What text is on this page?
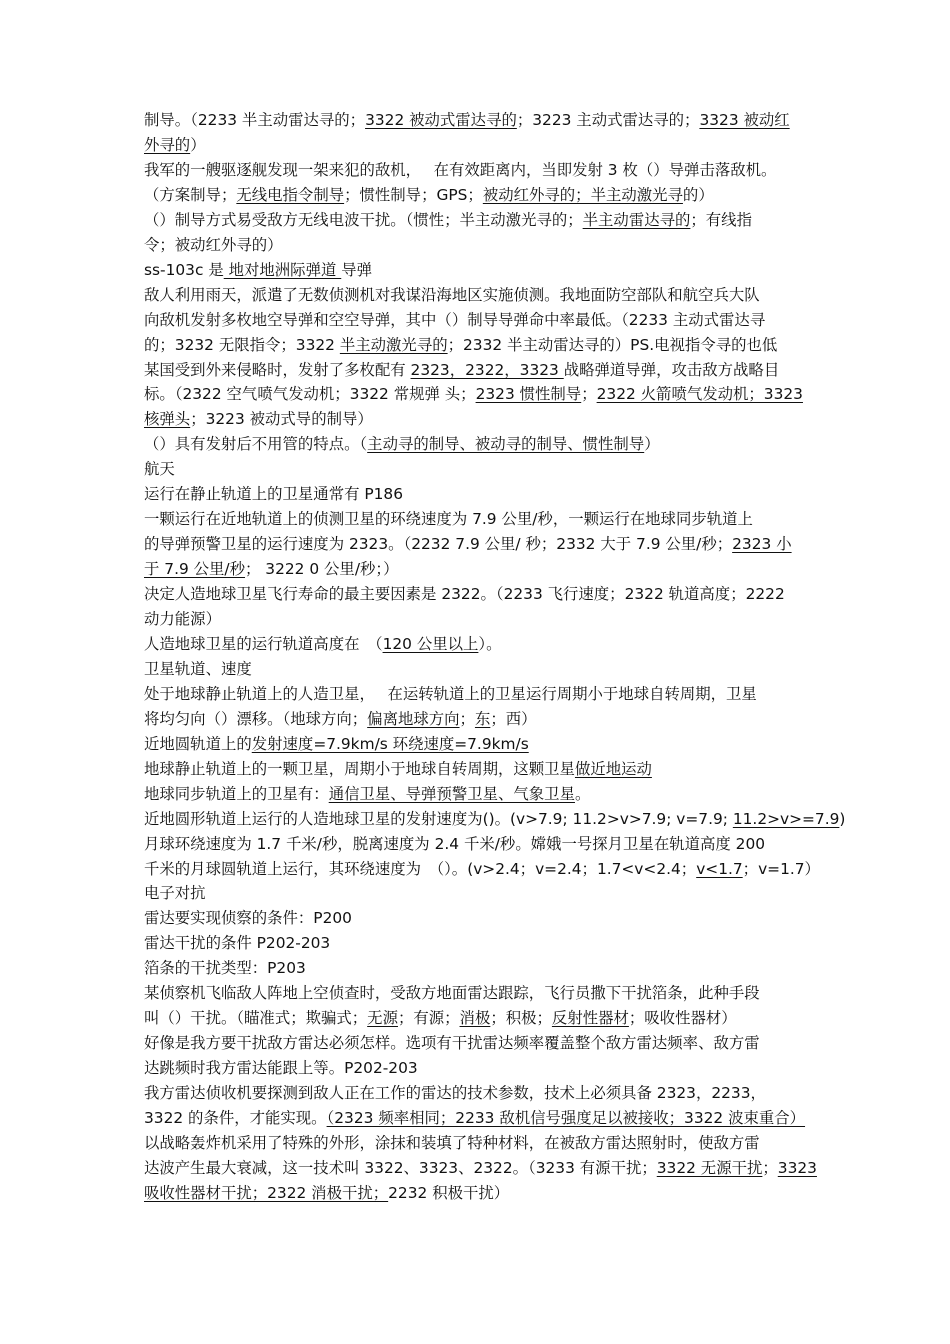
制导。（2233 半主动雷达寻的；3322 被动式雷达寻的；3223 主动式雷达寻的；3323 被动红
外寻的）
我军的一艘驱逐舰发现一架来犯的敌机，　 在有效距离内，当即发射 3 枚（）导弹击落敌机。
（方案制导；无线电指令制导；惯性制导；GPS；被动红外寻的；半主动激光寻的）
（）制导方式易受敌方无线电波干扰。（惯性；半主动激光寻的；半主动雷达寻的；有线指
令；被动红外寻的）
ss-103c 是 地对地洲际弹道 导弹
敌人利用雨天，派遣了无数侦测机对我谋沿海地区实施侦测。我地面防空部队和航空兵大队
向敌机发射多枚地空导弹和空空导弹，其中（）制导导弹命中率最低。（2233 主动式雷达寻
的；3232 无限指令；3322 半主动激光寻的；2332 半主动雷达寻的）PS.电视指令寻的也低
某国受到外来侵略时，发射了多枚配有 2323，2322，3323 战略弹道导弹，攻击敌方战略目
标。（2322 空气喷气发动机；3322 常规弹 头；2323 惯性制导；2322 火箭喷气发动机；3323
核弹头；3223 被动式导的制导）
（）具有发射后不用管的特点。（主动寻的制导、被动寻的制导、惯性制导）
航天
运行在静止轨道上的卫星通常有 P186
一颗运行在近地轨道上的侦测卫星的环绕速度为 7.9 公里/秒，一颗运行在地球同步轨道上
的导弹预警卫星的运行速度为 2323。（2232 7.9 公里/ 秒；2332 大于 7.9 公里/秒；2323 小
于 7.9 公里/秒； 3222 0 公里/秒；）
决定人造地球卫星飞行寿命的最主要因素是 2322。（2233 飞行速度；2322 轨道高度；2222
动力能源）
人造地球卫星的运行轨道高度在　（120 公里以上）。
卫星轨道、速度
处于地球静止轨道上的人造卫星，　 在运转轨道上的卫星运行周期小于地球自转周期，卫星
将均匀向（）漂移。（地球方向；偏离地球方向；东；西）
近地圆轨道上的发射速度=7.9km/s 环绕速度=7.9km/s
地球静止轨道上的一颗卫星，周期小于地球自转周期，这颗卫星做近地运动
地球同步轨道上的卫星有：通信卫星、导弹预警卫星、气象卫星。
近地圆形轨道上运行的人造地球卫星的发射速度为()。(v>7.9; 11.2>v>7.9; v=7.9; 11.2>v>=7.9)
月球环绕速度为 1.7 千米/秒，脱离速度为 2.4 千米/秒。嫦娥一号探月卫星在轨道高度 200
千米的月球圆轨道上运行，其环绕速度为　（）。(v>2.4；v=2.4；1.7<v<2.4；v<1.7；v=1.7）
电子对抗
雷达要实现侦察的条件：P200
雷达干扰的条件 P202-203
箔条的干扰类型：P203
某侦察机飞临敌人阵地上空侦查时，受敌方地面雷达跟踪，飞行员撒下干扰箔条，此种手段
叫（）干扰。（瞄准式；欺骗式；无源；有源；消极；积极；反射性器材；吸收性器材）
好像是我方要干扰敌方雷达必须怎样。选项有干扰雷达频率覆盖整个敌方雷达频率、敌方雷
达跳频时我方雷达能跟上等。P202-203
我方雷达侦收机要探测到敌人正在工作的雷达的技术参数，技术上必须具备 2323，2233，
3322 的条件，才能实现。（2323 频率相同；2233 敌机信号强度足以被接收；3322 波束重合）
以战略轰炸机采用了特殊的外形，涂抹和装填了特种材料，在被敌方雷达照射时，使敌方雷
达波产生最大衰减，这一技术叫 3322、3323、2322。（3233 有源干扰；3322 无源干扰；3323
吸收性器材干扰；2322 消极干扰；2232 积极干扰）
